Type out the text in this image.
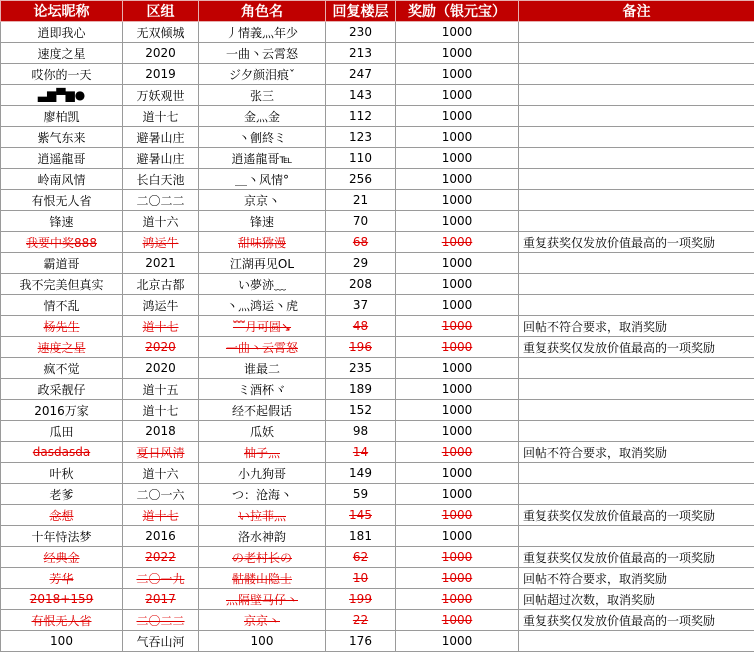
论坛昵称	区组	角色名	回复楼层	奖励（银元宝）	备注
逍即我心	无双倾城	丿情義灬年少	230	1000	
速度之星	2020	一曲丶云霄怒	213	1000	
哎你的一天	2019	ジ夕颜泪痕ˇ	247	1000	
▃▆▀▆●	万妖观世	张三	143	1000	
廖柏凯	道十七	金灬金	112	1000	
紫气东来	避暑山庄	丶劊終ミ	123	1000	
逍遥龍哥	避暑山庄	逍遙龍哥℡	110	1000	
岭南风情	长白天池	＿丶风情°	256	1000	
有恨无人省	二〇二二	京京丶	21	1000	
锋速	道十六	锋速	70	1000	
我要中奖888	鸿运牛	甜味猕漫	68	1000	重复获奖仅发放价值最高的一项奖励
霸道哥	2021	江湖再见OL	29	1000	
我不完美但真实	北京古都	い夢洂﹏	208	1000	
情不乱	鸿运牛	丶灬鸿运丶虎	37	1000	
杨先生	道十七	﹌月可圆↘	48	1000	回帖不符合要求，取消奖励
速度之星	2020	一曲丶云霄怒	196	1000	重复获奖仅发放价值最高的一项奖励
疯不觉	2020	谁最二	235	1000	
政采靓仔	道十五	ミ酒杯ヾ	189	1000	
2016万家	道十七	经不起假话	152	1000	
瓜田	2018	瓜妖	98	1000	
dasdasda	夏日风清	柚子灬	14	1000	回帖不符合要求，取消奖励
叶秋	道十六	小九狗哥	149	1000	
老爹	二〇一六	つ：沧海丶	59	1000	
念想	道十七	い拉菲灬	145	1000	重复获奖仅发放价值最高的一项奖励
十年恃法梦	2016	洛水神韵	181	1000	
经典金	2022	の老村长の	62	1000	重复获奖仅发放价值最高的一项奖励
芳华	二〇一九	骷髅山隐士	10	1000	回帖不符合要求，取消奖励
2018+159	2017	灬隔壁马仔丶	199	1000	回帖超过次数，取消奖励
有恨无人省	二〇二二	京京丶	22	1000	重复获奖仅发放价值最高的一项奖励
100	气吞山河	100	176	1000	
